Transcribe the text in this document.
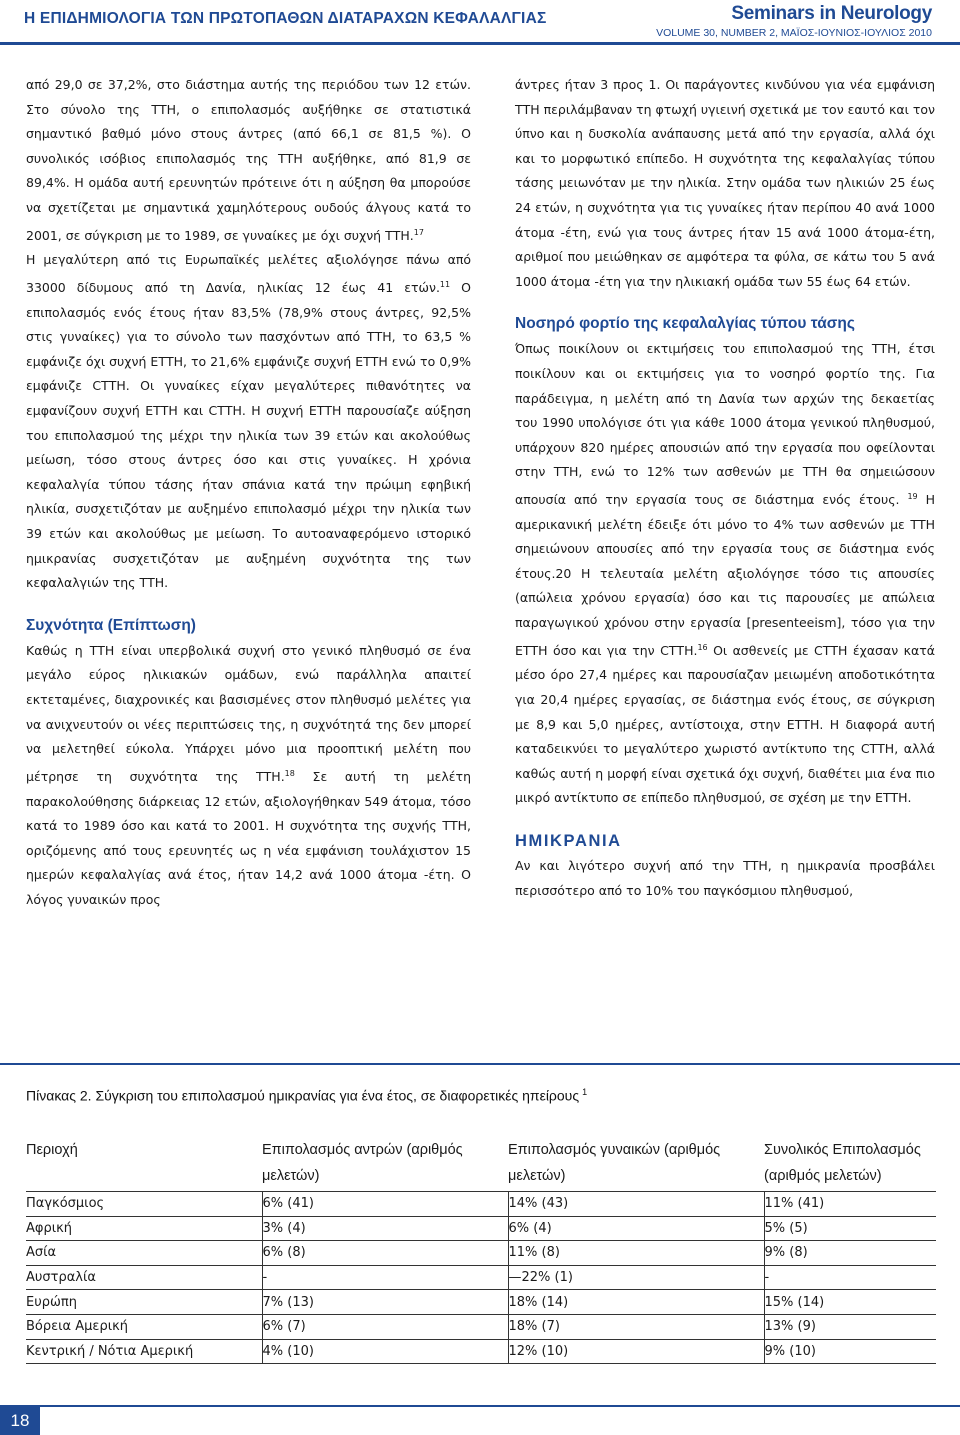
Η ΕΠΙΔΗΜΙΟΛΟΓΙΑ ΤΩΝ ΠΡΩΤΟΠΑΘΩΝ ΔΙΑΤΑΡΑΧΩΝ ΚΕΦΑΛΑΛΓΙΑΣ	Seminars in Neurology
VOLUME 30, NUMBER 2, ΜΑΪΟΣ-ΙΟΥΝΙΟΣ-ΙΟΥΛΙΟΣ 2010

από 29,0 σε 37,2%, στο διάστημα αυτής της περιόδου των 12 ετών. Στο σύνολο της ΤΤΗ, ο επιπολασμός αυξήθηκε σε στατιστικά σημαντικό βαθμό μόνο στους άντρες (από 66,1 σε 81,5 %). Ο συνολικός ισόβιος επιπολασμός της ΤΤΗ αυξήθηκε, από 81,9 σε 89,4%. Η ομάδα αυτή ερευνητών πρότεινε ότι η αύξηση θα μπορούσε να σχετίζεται με σημαντικά χαμηλότερους ουδούς άλγους κατά το 2001, σε σύγκριση με το 1989, σε γυναίκες με όχι συχνή ΤΤΗ.$^{17}$

Η μεγαλύτερη από τις Ευρωπαϊκές μελέτες αξιολόγησε πάνω από 33000 δίδυμους από τη Δανία, ηλικίας 12 έως 41 ετών.$^{11}$ Ο επιπολασμός ενός έτους ήταν 83,5% (78,9% στους άντρες, 92,5% στις γυναίκες) για το σύνολο των πασχόντων από ΤΤΗ, το 63,5 % εμφάνιζε όχι συχνή ΕΤΤΗ, το 21,6% εμφάνιζε συχνή ΕΤΤΗ ενώ το 0,9% εμφάνιζε CΤΤΗ. Οι γυναίκες είχαν μεγαλύτερες πιθανότητες να εμφανίζουν συχνή ΕΤΤΗ και CΤΤΗ. Η συχνή ΕΤΤΗ παρουσίαζε αύξηση του επιπολασμού της μέχρι την ηλικία των 39 ετών και ακολούθως μείωση, τόσο στους άντρες όσο και στις γυναίκες. Η χρόνια κεφαλαλγία τύπου τάσης ήταν σπάνια κατά την πρώιμη εφηβική ηλικία, συσχετιζόταν με αυξημένο επιπολασμό μέχρι την ηλικία των 39 ετών και ακολούθως με μείωση. Το αυτοαναφερόμενο ιστορικό ημικρανίας συσχετιζόταν με αυξημένη συχνότητα της των κεφαλαλγιών της ΤΤΗ.

Συχνότητα (Επίπτωση)

Καθώς η ΤΤΗ είναι υπερβολικά συχνή στο γενικό πληθυσμό σε ένα μεγάλο εύρος ηλικιακών ομάδων, ενώ παράλληλα απαιτεί εκτεταμένες, διαχρονικές και βασισμένες στον πληθυσμό μελέτες για να ανιχνευτούν οι νέες περιπτώσεις της, η συχνότητά της δεν μπορεί να μελετηθεί εύκολα. Υπάρχει μόνο μια προοπτική μελέτη που μέτρησε τη συχνότητα της ΤΤΗ.$^{18}$ Σε αυτή τη μελέτη παρακολούθησης διάρκειας 12 ετών, αξιολογήθηκαν 549 άτομα, τόσο κατά το 1989 όσο και κατά το 2001. Η συχνότητα της συχνής ΤΤΗ, οριζόμενης από τους ερευνητές ως η νέα εμφάνιση τουλάχιστον 15 ημερών κεφαλαλγίας ανά έτος, ήταν 14,2 ανά 1000 άτομα -έτη. Ο λόγος γυναικών προς

άντρες ήταν 3 προς 1. Οι παράγοντες κινδύνου για νέα εμφάνιση ΤΤΗ περιλάμβαναν τη φτωχή υγιεινή σχετικά με τον εαυτό και τον ύπνο και η δυσκολία ανάπαυσης μετά από την εργασία, αλλά όχι και το μορφωτικό επίπεδο. Η συχνότητα της κεφαλαλγίας τύπου τάσης μειωνόταν με την ηλικία. Στην ομάδα των ηλικιών 25 έως 24 ετών, η συχνότητα για τις γυναίκες ήταν περίπου 40 ανά 1000 άτομα -έτη, ενώ για τους άντρες ήταν 15 ανά 1000 άτομα-έτη, αριθμοί που μειώθηκαν σε αμφότερα τα φύλα, σε κάτω του 5 ανά 1000 άτομα -έτη για την ηλικιακή ομάδα των 55 έως 64 ετών.

Νοσηρό φορτίο της κεφαλαλγίας τύπου τάσης

Όπως ποικίλουν οι εκτιμήσεις του επιπολασμού της ΤΤΗ, έτσι ποικίλουν και οι εκτιμήσεις για το νοσηρό φορτίο της. Για παράδειγμα, η μελέτη από τη Δανία των αρχών της δεκαετίας του 1990 υπολόγισε ότι για κάθε 1000 άτομα γενικού πληθυσμού, υπάρχουν 820 ημέρες απουσιών από την εργασία που οφείλονται στην ΤΤΗ, ενώ το 12% των ασθενών με ΤΤΗ θα σημειώσουν απουσία από την εργασία τους σε διάστημα ενός έτους. $^{19}$ Η αμερικανική μελέτη έδειξε ότι μόνο το 4% των ασθενών με ΤΤΗ σημειώνουν απουσίες από την εργασία τους σε διάστημα ενός έτους.20 Η τελευταία μελέτη αξιολόγησε τόσο τις απουσίες (απώλεια χρόνου εργασία) όσο και τις παρουσίες με απώλεια παραγωγικού χρόνου στην εργασία [presenteeism], τόσο για την ΕΤΤΗ όσο και για την CΤΤΗ.$^{16}$ Οι ασθενείς με CΤΤΗ έχασαν κατά μέσο όρο 27,4 ημέρες και παρουσίαζαν μειωμένη αποδοτικότητα για 20,4 ημέρες εργασίας, σε διάστημα ενός έτους, σε σύγκριση με 8,9 και 5,0 ημέρες, αντίστοιχα, στην ΕΤΤΗ. Η διαφορά αυτή καταδεικνύει το μεγαλύτερο χωριστό αντίκτυπο της CΤΤΗ, αλλά καθώς αυτή η μορφή είναι σχετικά όχι συχνή, διαθέτει μια ένα πιο μικρό αντίκτυπο σε επίπεδο πληθυσμού, σε σχέση με την ΕΤΤΗ.

ΗΜΙΚΡΑΝΙΑ

Αν και λιγότερο συχνή από την ΤΤΗ, η ημικρανία προσβάλει περισσότερο από το 10% του παγκόσμιου πληθυσμού,

Πίνακας 2. Σύγκριση του επιπολασμού ημικρανίας για ένα έτος, σε διαφορετικές ηπείρους $^1$
Περιοχή	Επιπολασμός αντρών (αριθμός μελετών)	Επιπολασμός γυναικών (αριθμός μελετών)	Συνολικός Επιπολασμός (αριθμός μελετών)
Παγκόσμιος	6% (41)	14% (43)	11% (41)
Αφρική	3% (4)	6% (4)	5% (5)
Ασία	6% (8)	11% (8)	9% (8)
Αυστραλία	-	—22% (1)	-
Ευρώπη	7% (13)	18% (14)	15% (14)
Βόρεια Αμερική	6% (7)	18% (7)	13% (9)
Κεντρική / Νότια Αμερική	4% (10)	12% (10)	9% (10)
18
